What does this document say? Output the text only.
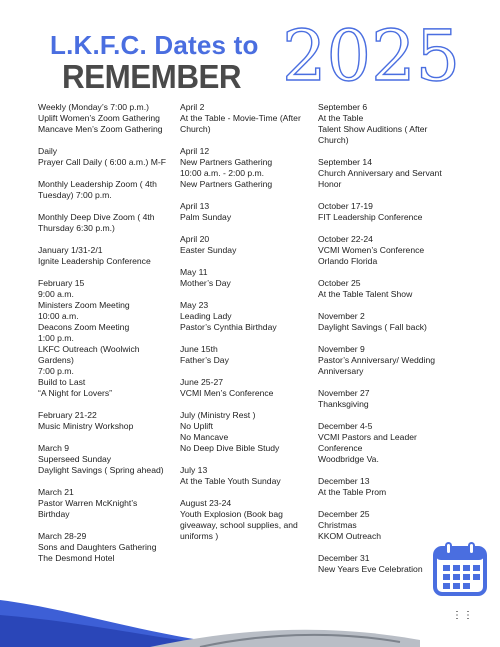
L.K.F.C. Dates to
REMEMBER 2025

Weekly (Monday’s 7:00 p.m.)
Uplift Women’s Zoom Gathering
Mancave Men’s Zoom Gathering

Daily
Prayer Call Daily ( 6:00 a.m.) M-F

Monthly Leadership Zoom ( 4th
Tuesday) 7:00 p.m.

Monthly Deep Dive Zoom ( 4th
Thursday 6:30 p.m.)

January 1/31-2/1
Ignite Leadership Conference

February 15
9:00 a.m.
Ministers Zoom Meeting
10:00 a.m.
Deacons Zoom Meeting
1:00 p.m.
LKFC Outreach (Woolwich
Gardens)
7:00 p.m.
Build to Last
“A Night for Lovers”

February 21-22
Music Ministry Workshop

March 9
Superseed Sunday
Daylight Savings ( Spring ahead)

March 21
Pastor Warren McKnight’s
Birthday

March 28-29
Sons and Daughters Gathering
The Desmond Hotel

April 2
At the Table - Movie-Time (After
Church)

April 12
New Partners Gathering
10:00 a.m. - 2:00 p.m.
New Partners Gathering

April 13
Palm Sunday

April 20
Easter Sunday

May 11
Mother’s Day

May 23
Leading Lady
Pastor’s Cynthia Birthday

June 15th
Father’s Day

June 25-27
VCMI Men’s Conference

July (Ministry Rest )
No Uplift
No Mancave
No Deep Dive Bible Study

July 13
At the Table Youth Sunday

August 23-24
Youth Explosion (Book bag
giveaway, school supplies, and
uniforms )

September 6
At the Table
Talent Show Auditions ( After
Church)

September 14
Church Anniversary and Servant
Honor

October 17-19
FIT Leadership Conference

October 22-24
VCMI Women’s Conference
Orlando Florida

October 25
At the Table Talent Show

November 2
Daylight Savings ( Fall back)

November 9
Pastor’s Anniversary/ Wedding
Anniversary

November 27
Thanksgiving

December 4-5
VCMI Pastors and Leader
Conference
Woodbridge Va.

December 13
At the Table Prom

December 25
Christmas
KKOM Outreach

December 31
New Years Eve Celebration

⋮⋮
